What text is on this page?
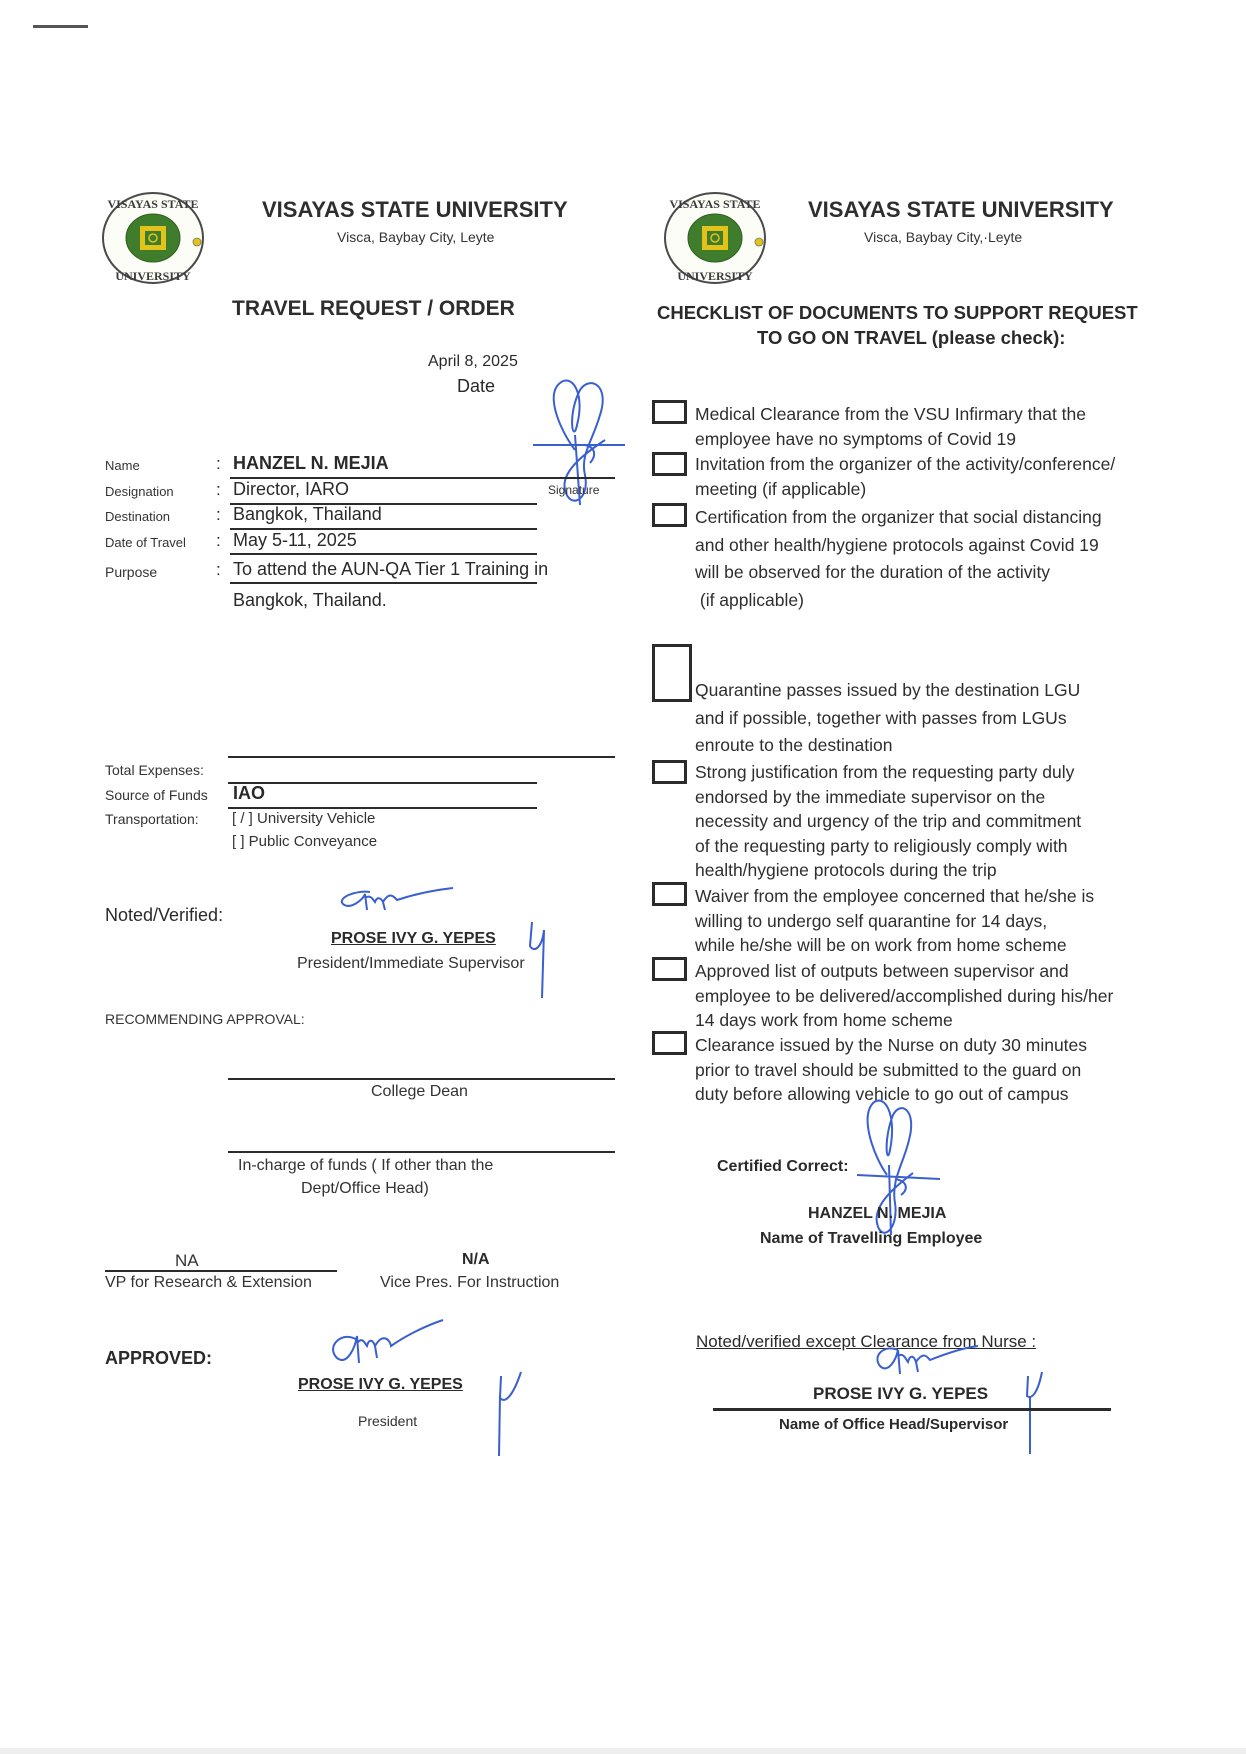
VISAYAS STATE
UNIVERSITY
VISAYAS STATE UNIVERSITY
Visca, Baybay City, Leyte
TRAVEL REQUEST / ORDER
April 8, 2025
Date
Name	: HANZEL N. MEJIA
Signature
Designation : Director, IARO
Destination	: Bangkok, Thailand
Date of Travel : May 5-11, 2025
Purpose	: To attend the AUN-QA Tier 1 Training in
Bangkok, Thailand.
Total Expenses:
Source of Funds IAO
Transportation: [ / ] University Vehicle
[ ] Public Conveyance
Noted/Verified:
PROSE IVY G. YEPES
President/Immediate Supervisor
RECOMMENDING APPROVAL:
College Dean
In-charge of funds ( If other than the
Dept/Office Head)
NA
VP for Research & Extension
N/A
Vice Pres. For Instruction
APPROVED:
PROSE IVY G. YEPES
President
VISAYAS STATE
UNIVERSITY
VISAYAS STATE UNIVERSITY
Visca, Baybay City,·Leyte
CHECKLIST OF DOCUMENTS TO SUPPORT REQUEST
TO GO ON TRAVEL (please check):
Medical Clearance from the VSU Infirmary that the
employee have no symptoms of Covid 19
Invitation from the organizer of the activity/conference/
meeting (if applicable)
Certification from the organizer that social distancing
and other health/hygiene protocols against Covid 19
will be observed for the duration of the activity
(if applicable)
Quarantine passes issued by the destination LGU
and if possible, together with passes from LGUs
enroute to the destination
Strong justification from the requesting party duly
endorsed by the immediate supervisor on the
necessity and urgency of the trip and commitment
of the requesting party to religiously comply with
health/hygiene protocols during the trip
Waiver from the employee concerned that he/she is
willing to undergo self quarantine for 14 days,
while he/she will be on work from home scheme
Approved list of outputs between supervisor and
employee to be delivered/accomplished during his/her
14 days work from home scheme
Clearance issued by the Nurse on duty 30 minutes
prior to travel should be submitted to the guard on
duty before allowing vehicle to go out of campus
Certified Correct:
HANZEL N. MEJIA
Name of Travelling Employee
Noted/verified except Clearance from Nurse :
PROSE IVY G. YEPES
Name of Office Head/Supervisor
